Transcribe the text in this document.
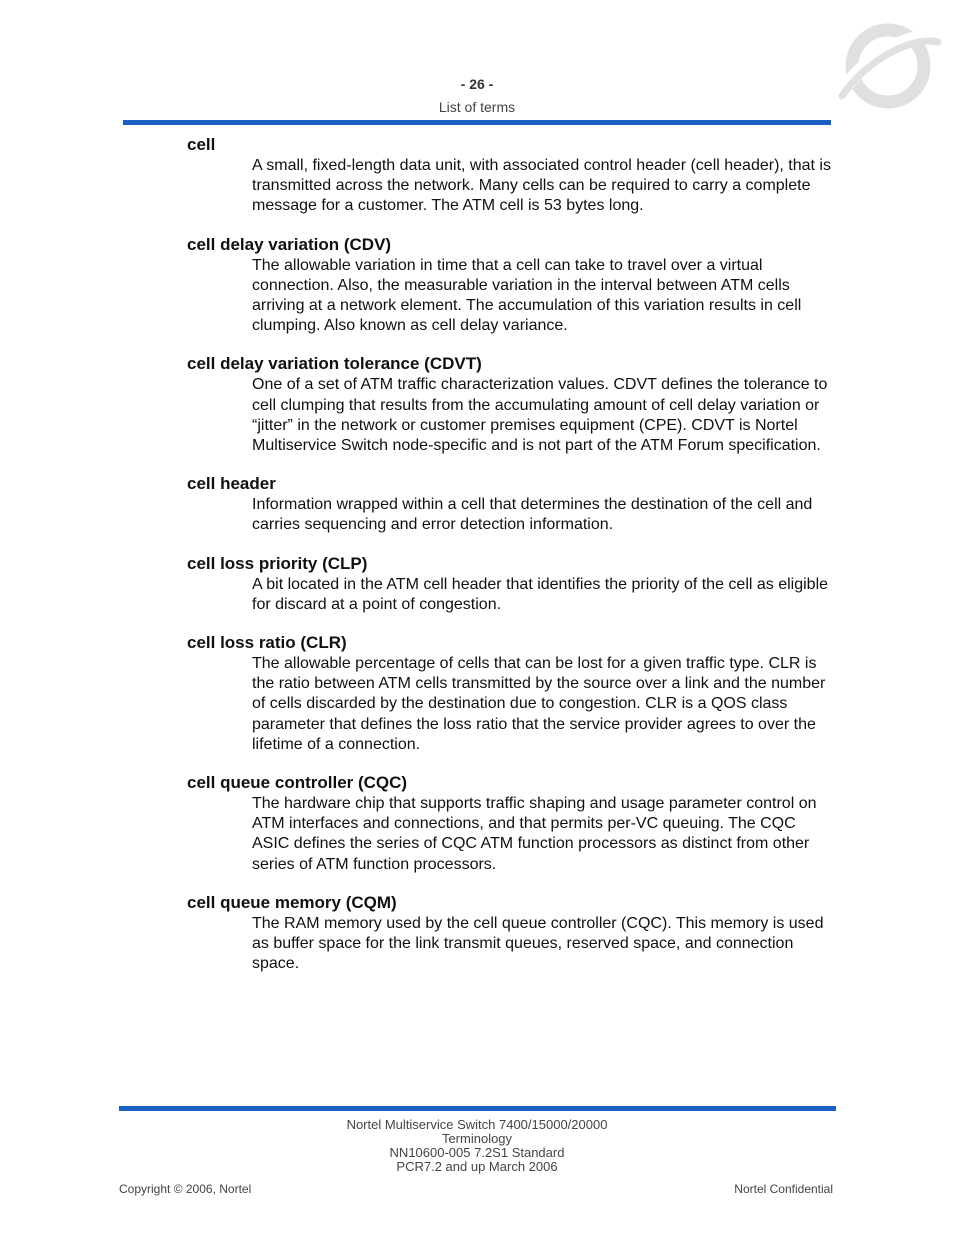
- 26 -
List of terms
cell
A small, fixed-length data unit, with associated control header (cell header), that is transmitted across the network. Many cells can be required to carry a complete message for a customer. The ATM cell is 53 bytes long.
cell delay variation (CDV)
The allowable variation in time that a cell can take to travel over a virtual connection. Also, the measurable variation in the interval between ATM cells arriving at a network element. The accumulation of this variation results in cell clumping. Also known as cell delay variance.
cell delay variation tolerance (CDVT)
One of a set of ATM traffic characterization values. CDVT defines the tolerance to cell clumping that results from the accumulating amount of cell delay variation or “jitter” in the network or customer premises equipment (CPE). CDVT is Nortel Multiservice Switch node-specific and is not part of the ATM Forum specification.
cell header
Information wrapped within a cell that determines the destination of the cell and carries sequencing and error detection information.
cell loss priority (CLP)
A bit located in the ATM cell header that identifies the priority of the cell as eligible for discard at a point of congestion.
cell loss ratio (CLR)
The allowable percentage of cells that can be lost for a given traffic type. CLR is the ratio between ATM cells transmitted by the source over a link and the number of cells discarded by the destination due to congestion. CLR is a QOS class parameter that defines the loss ratio that the service provider agrees to over the lifetime of a connection.
cell queue controller (CQC)
The hardware chip that supports traffic shaping and usage parameter control on ATM interfaces and connections, and that permits per-VC queuing. The CQC ASIC defines the series of CQC ATM function processors as distinct from other series of ATM function processors.
cell queue memory (CQM)
The RAM memory used by the cell queue controller (CQC). This memory is used as buffer space for the link transmit queues, reserved space, and connection space.
Nortel Multiservice Switch 7400/15000/20000
Terminology
NN10600-005 7.2S1 Standard
PCR7.2 and up March 2006
Copyright © 2006, Nortel	Nortel Confidential
